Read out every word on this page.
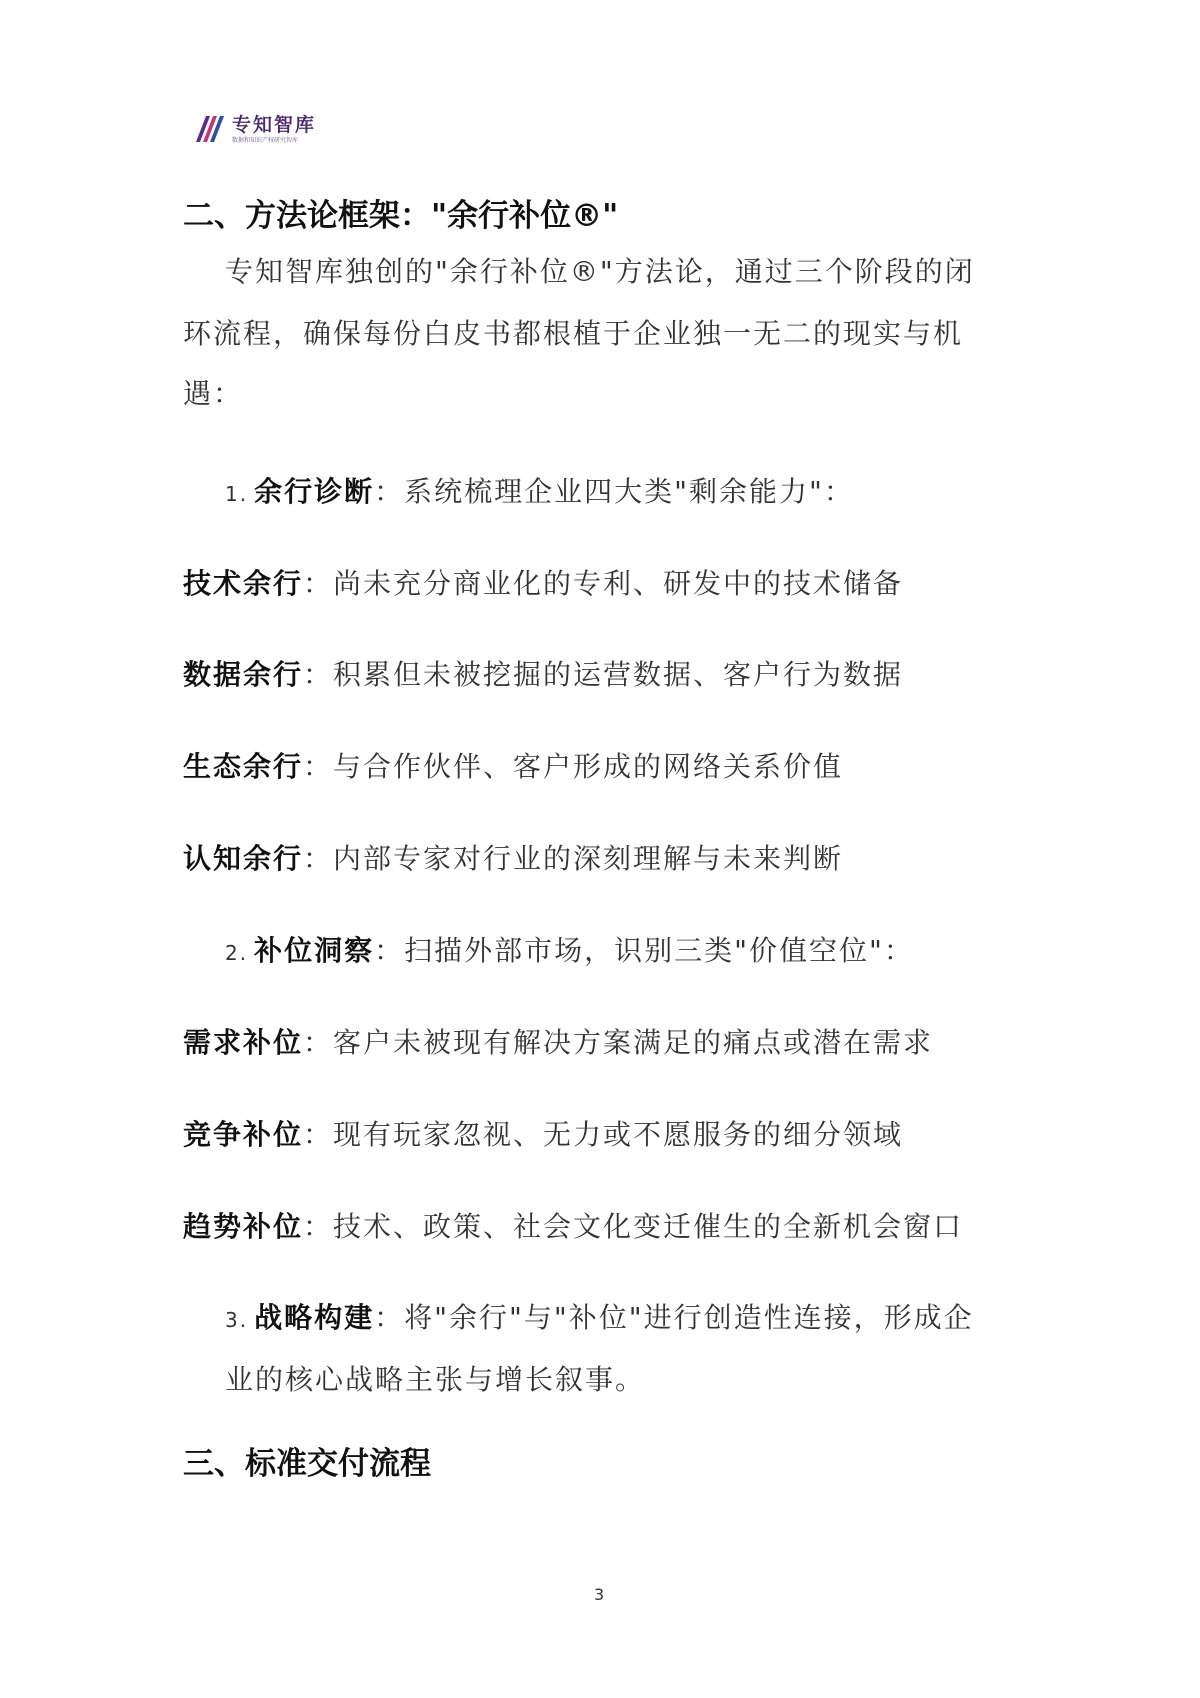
专知智库
数据和知识产权研究智库
二、方法论框架："余行补位®"
专知智库独创的"余行补位®"方法论，通过三个阶段的闭
环流程，确保每份白皮书都根植于企业独一无二的现实与机
遇：
1. 余行诊断：系统梳理企业四大类"剩余能力"：
技术余行：尚未充分商业化的专利、研发中的技术储备
数据余行：积累但未被挖掘的运营数据、客户行为数据
生态余行：与合作伙伴、客户形成的网络关系价值
认知余行：内部专家对行业的深刻理解与未来判断
2. 补位洞察：扫描外部市场，识别三类"价值空位"：
需求补位：客户未被现有解决方案满足的痛点或潜在需求
竞争补位：现有玩家忽视、无力或不愿服务的细分领域
趋势补位：技术、政策、社会文化变迁催生的全新机会窗口
3. 战略构建：将"余行"与"补位"进行创造性连接，形成企
业的核心战略主张与增长叙事。
三、标准交付流程
3
